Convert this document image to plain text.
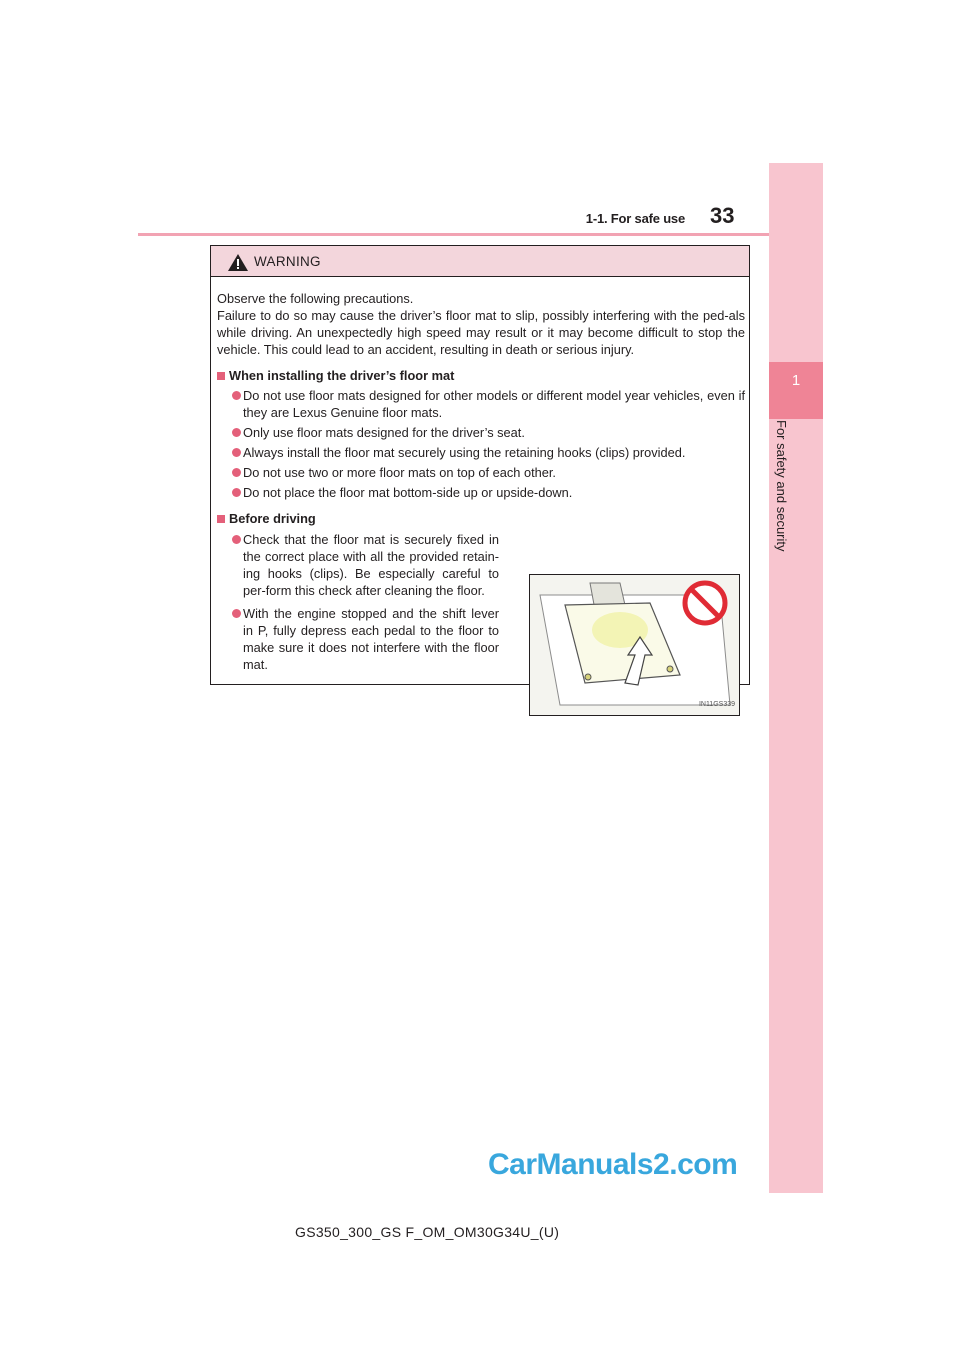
1-1. For safe use 33
1
For safety and security
WARNING

Observe the following precautions.

Failure to do so may cause the driver’s floor mat to slip, possibly interfering with the ped-als while driving. An unexpectedly high speed may result or it may become difficult to stop the vehicle. This could lead to an accident, resulting in death or serious injury.

When installing the driver’s floor mat

Do not use floor mats designed for other models or different model year vehicles, even if they are Lexus Genuine floor mats.

Only use floor mats designed for the driver’s seat.

Always install the floor mat securely using the retaining hooks (clips) provided.

Do not use two or more floor mats on top of each other.

Do not place the floor mat bottom-side up or upside-down.

Before driving

Check that the floor mat is securely fixed in the correct place with all the provided retain-ing hooks (clips). Be especially careful to per-form this check after cleaning the floor.

With the engine stopped and the shift lever in P, fully depress each pedal to the floor to make sure it does not interfere with the floor mat.

IN11GS339
CarManuals2.com
GS350_300_GS F_OM_OM30G34U_(U)
